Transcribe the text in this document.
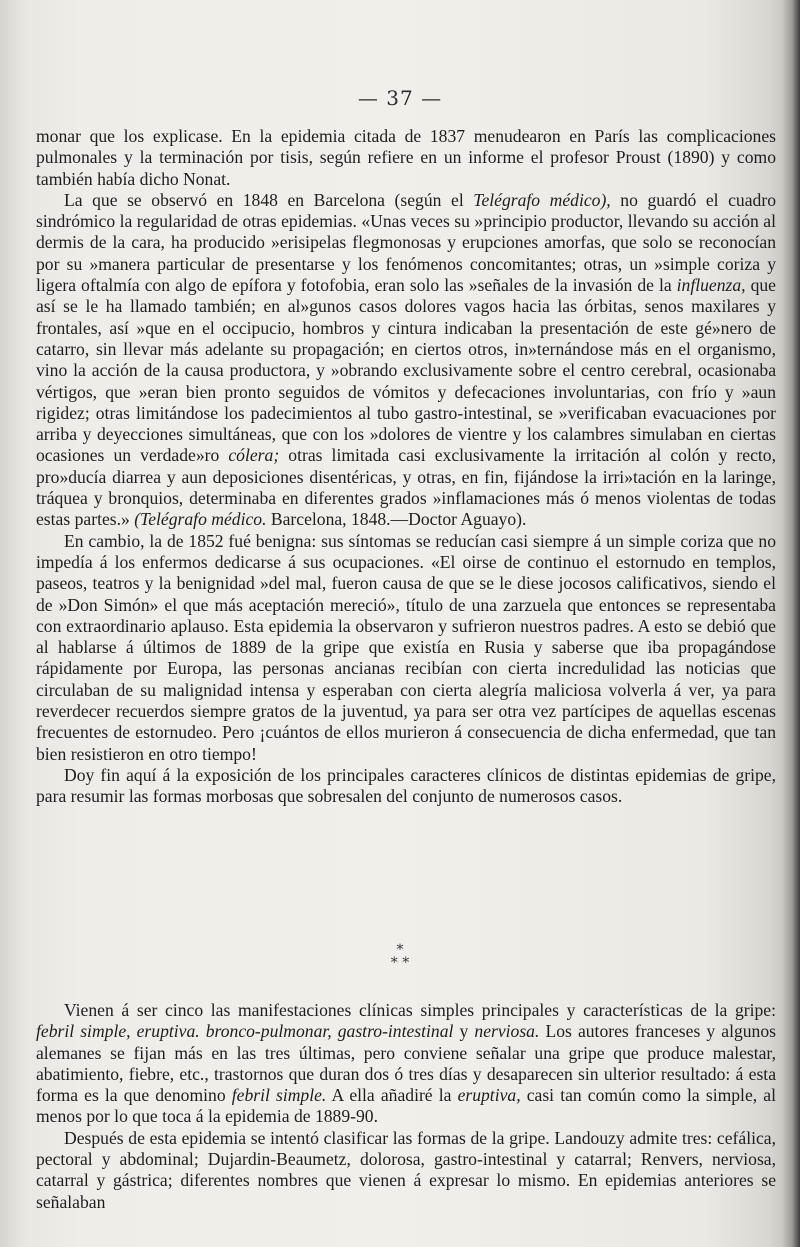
— 37 —

monar que los explicase. En la epidemia citada de 1837 menudearon en París las complicaciones pulmonales y la terminación por tisis, según refiere en un informe el profesor Proust (1890) y como también había dicho Nonat.

La que se observó en 1848 en Barcelona (según el Telégrafo médico), no guardó el cuadro sindrómico la regularidad de otras epidemias. «Unas veces su »principio productor, llevando su acción al dermis de la cara, ha producido »erisipelas flegmonosas y erupciones amorfas, que solo se reconocían por su »manera particular de presentarse y los fenómenos concomitantes; otras, un »simple coriza y ligera oftalmía con algo de epífora y fotofobia, eran solo las »señales de la invasión de la influenza, que así se le ha llamado también; en al»gunos casos dolores vagos hacia las órbitas, senos maxilares y frontales, así »que en el occipucio, hombros y cintura indicaban la presentación de este gé»nero de catarro, sin llevar más adelante su propagación; en ciertos otros, in»ternándose más en el organismo, vino la acción de la causa productora, y »obrando exclusivamente sobre el centro cerebral, ocasionaba vértigos, que »eran bien pronto seguidos de vómitos y defecaciones involuntarias, con frío y »aun rigidez; otras limitándose los padecimientos al tubo gastro-intestinal, se »verificaban evacuaciones por arriba y deyecciones simultáneas, que con los »dolores de vientre y los calambres simulaban en ciertas ocasiones un verdade»ro cólera; otras limitada casi exclusivamente la irritación al colón y recto, pro»ducía diarrea y aun deposiciones disentéricas, y otras, en fin, fijándose la irri»tación en la laringe, tráquea y bronquios, determinaba en diferentes grados »inflamaciones más ó menos violentas de todas estas partes.» (Telégrafo médico. Barcelona, 1848.—Doctor Aguayo).

En cambio, la de 1852 fué benigna: sus síntomas se reducían casi siempre á un simple coriza que no impedía á los enfermos dedicarse á sus ocupaciones. «El oirse de continuo el estornudo en templos, paseos, teatros y la benignidad »del mal, fueron causa de que se le diese jocosos calificativos, siendo el de »Don Simón» el que más aceptación mereció», título de una zarzuela que entonces se representaba con extraordinario aplauso. Esta epidemia la observaron y sufrieron nuestros padres. A esto se debió que al hablarse á últimos de 1889 de la gripe que existía en Rusia y saberse que iba propagándose rápidamente por Europa, las personas ancianas recibían con cierta incredulidad las noticias que circulaban de su malignidad intensa y esperaban con cierta alegría maliciosa volverla á ver, ya para reverdecer recuerdos siempre gratos de la juventud, ya para ser otra vez partícipes de aquellas escenas frecuentes de estornudeo. Pero ¡cuántos de ellos murieron á consecuencia de dicha enfermedad, que tan bien resistieron en otro tiempo!

Doy fin aquí á la exposición de los principales caracteres clínicos de distintas epidemias de gripe, para resumir las formas morbosas que sobresalen del conjunto de numerosos casos.

*
* *

Vienen á ser cinco las manifestaciones clínicas simples principales y características de la gripe: febril simple, eruptiva. bronco-pulmonar, gastro-intestinal y nerviosa. Los autores franceses y algunos alemanes se fijan más en las tres últimas, pero conviene señalar una gripe que produce malestar, abatimiento, fiebre, etc., trastornos que duran dos ó tres días y desaparecen sin ulterior resultado: á esta forma es la que denomino febril simple. A ella añadiré la eruptiva, casi tan común como la simple, al menos por lo que toca á la epidemia de 1889-90.

Después de esta epidemia se intentó clasificar las formas de la gripe. Landouzy admite tres: cefálica, pectoral y abdominal; Dujardin-Beaumetz, dolorosa, gastro-intestinal y catarral; Renvers, nerviosa, catarral y gástrica; diferentes nombres que vienen á expresar lo mismo. En epidemias anteriores se señalaban
